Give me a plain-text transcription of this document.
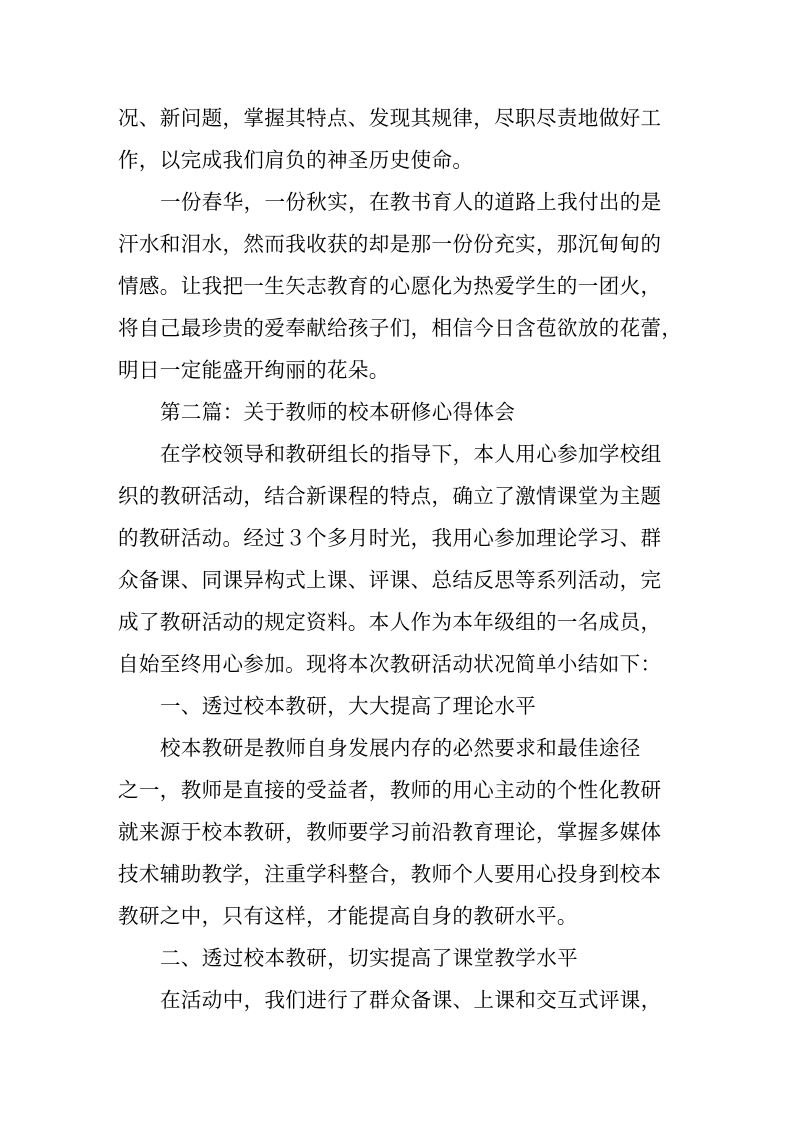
况、新问题，掌握其特点、发现其规律，尽职尽责地做好工
作，以完成我们肩负的神圣历史使命。
一份春华，一份秋实，在教书育人的道路上我付出的是
汗水和泪水，然而我收获的却是那一份份充实，那沉甸甸的
情感。让我把一生矢志教育的心愿化为热爱学生的一团火，
将自己最珍贵的爱奉献给孩子们，相信今日含苞欲放的花蕾，
明日一定能盛开绚丽的花朵。
第二篇：关于教师的校本研修心得体会
在学校领导和教研组长的指导下，本人用心参加学校组
织的教研活动，结合新课程的特点，确立了激情课堂为主题
的教研活动。经过３个多月时光，我用心参加理论学习、群
众备课、同课异构式上课、评课、总结反思等系列活动，完
成了教研活动的规定资料。本人作为本年级组的一名成员，
自始至终用心参加。现将本次教研活动状况简单小结如下：
一、透过校本教研，大大提高了理论水平
校本教研是教师自身发展内存的必然要求和最佳途径
之一，教师是直接的受益者，教师的用心主动的个性化教研
就来源于校本教研，教师要学习前沿教育理论，掌握多媒体
技术辅助教学，注重学科整合，教师个人要用心投身到校本
教研之中，只有这样，才能提高自身的教研水平。
二、透过校本教研，切实提高了课堂教学水平
在活动中，我们进行了群众备课、上课和交互式评课，
